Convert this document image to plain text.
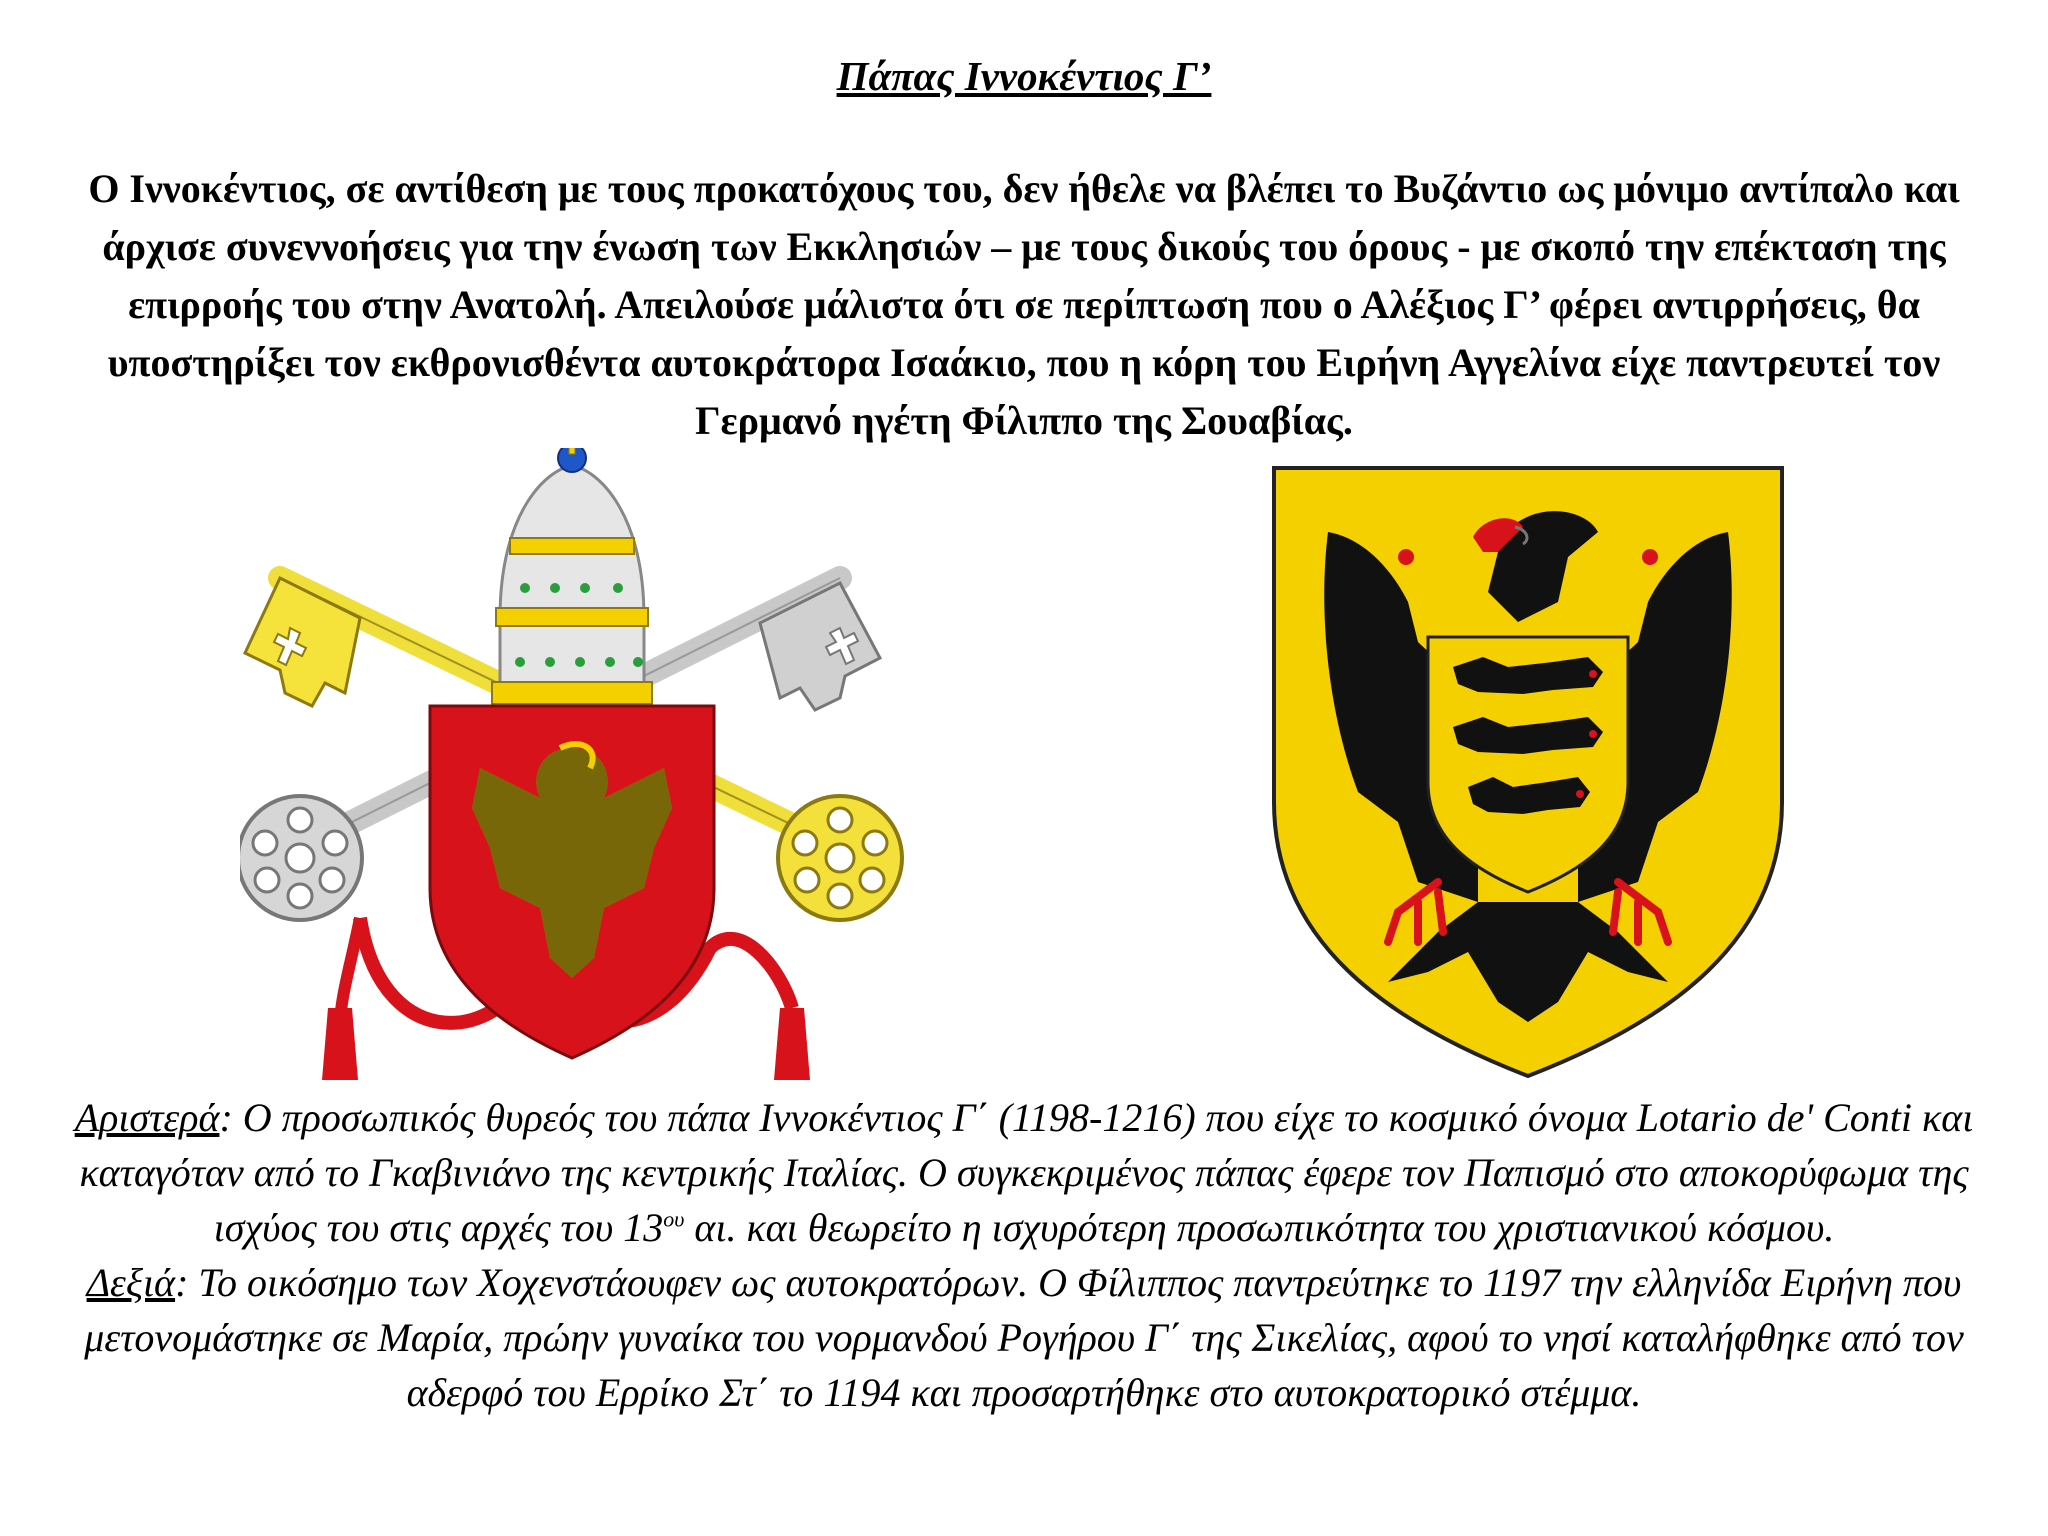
Πάπας Ιννοκέντιος Γ’
Ο Ιννοκέντιος, σε αντίθεση με τους προκατόχους του, δεν ήθελε να βλέπει το Βυζάντιο ως μόνιμο αντίπαλο και άρχισε συνεννοήσεις για την ένωση των Εκκλησιών – με τους δικούς του όρους - με σκοπό την επέκταση της επιρροής του στην Ανατολή. Απειλούσε μάλιστα ότι σε περίπτωση που ο Αλέξιος Γ’ φέρει αντιρρήσεις, θα υποστηρίξει τον εκθρονισθέντα αυτοκράτορα Ισαάκιο, που η κόρη του Ειρήνη Αγγελίνα είχε παντρευτεί τον Γερμανό ηγέτη Φίλιππο της Σουαβίας.

Αριστερά: Ο προσωπικός θυρεός του πάπα Ιννοκέντιος Γ΄ (1198-1216) που είχε το κοσμικό όνομα Lotario de' Conti και καταγόταν από το Γκαβινιάνο της κεντρικής Ιταλίας. Ο συγκεκριμένος πάπας έφερε τον Παπισμό στο αποκορύφωμα της ισχύος του στις αρχές του $13^{o\upsilon}$ αι. και θεωρείτο η ισχυρότερη προσωπικότητα του χριστιανικού κόσμου.

Δεξιά: Το οικόσημο των Χοχενστάουφεν ως αυτοκρατόρων. Ο Φίλιππος παντρεύτηκε το 1197 την ελληνίδα Ειρήνη που μετονομάστηκε σε Μαρία, πρώην γυναίκα του νορμανδού Ρογήρου Γ΄ της Σικελίας, αφού το νησί καταλήφθηκε από τον αδερφό του Ερρίκο Στ΄ το 1194 και προσαρτήθηκε στο αυτοκρατορικό στέμμα.
